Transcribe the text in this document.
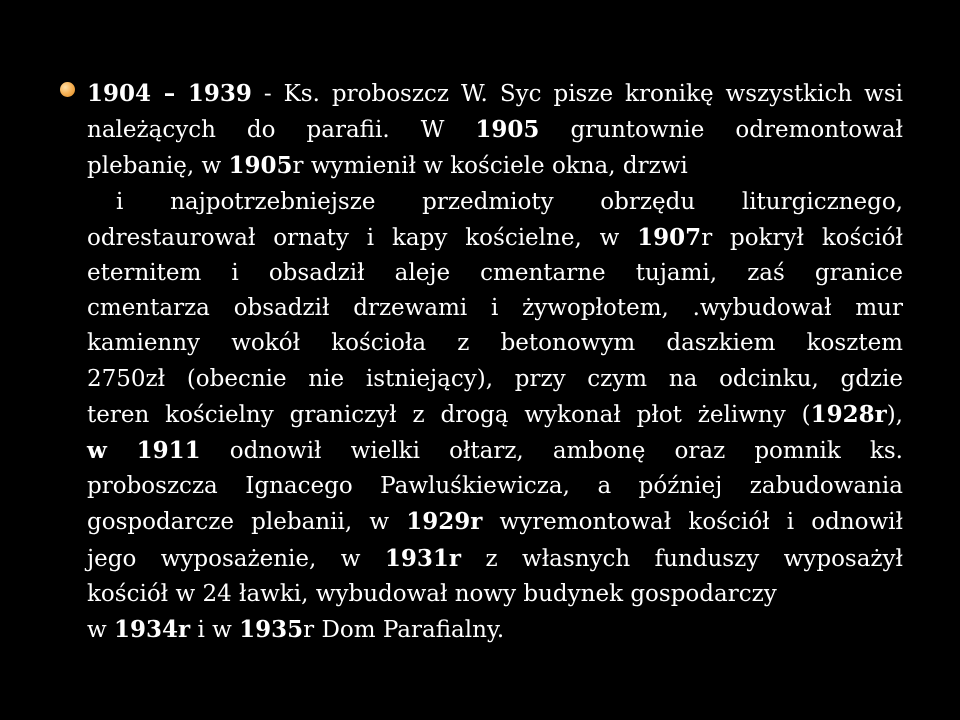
1904 – 1939 - Ks. proboszcz W. Syc pisze kronikę wszystkich wsi
należących do parafii. W 1905 gruntownie odremontował
plebanię, w 1905r wymienił w kościele okna, drzwi
i najpotrzebniejsze przedmioty obrzędu liturgicznego,
odrestaurował ornaty i kapy kościelne, w 1907r pokrył kościół
eternitem i obsadził aleje cmentarne tujami, zaś granice
cmentarza obsadził drzewami i żywopłotem, .wybudował mur
kamienny wokół kościoła z betonowym daszkiem kosztem
2750zł (obecnie nie istniejący), przy czym na odcinku, gdzie
teren kościelny graniczył z drogą wykonał płot żeliwny (1928r),
w 1911 odnowił wielki ołtarz, ambonę oraz pomnik ks.
proboszcza Ignacego Pawluśkiewicza, a później zabudowania
gospodarcze plebanii, w 1929r wyremontował kościół i odnowił
jego wyposażenie, w 1931r z własnych funduszy wyposażył
kościół w 24 ławki, wybudował nowy budynek gospodarczy
w 1934r i w 1935r Dom Parafialny.
